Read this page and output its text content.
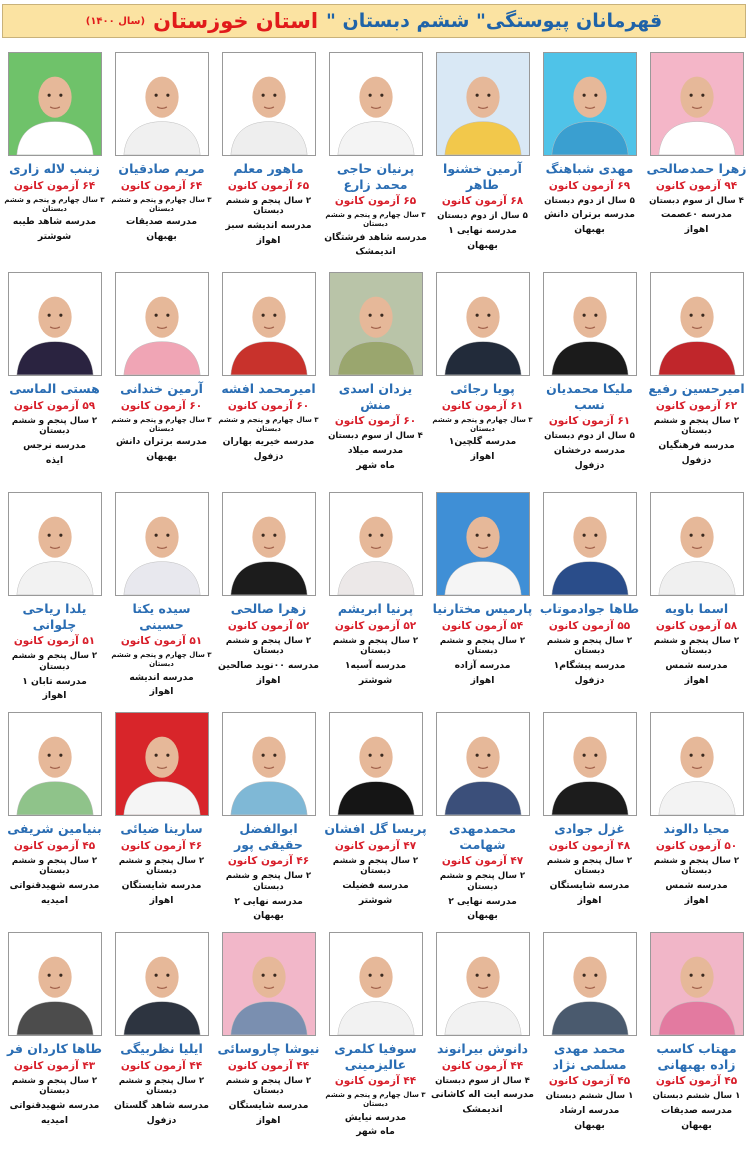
قهرمانان پیوستگی" ششم دبستان "
استان خوزستان
(سال ۱۴۰۰)
زهرا حمدصالحی
۹۴ آزمون کانون
۴ سال از سوم دبستان
مدرسه ٠عصمت
اهواز
مهدی شباهنگ
۶۹ آزمون کانون
۵ سال از دوم دبستان
مدرسه برتران دانش
بهبهان
آرمین خشنوا طاهر
۶۸ آزمون کانون
۵ سال از دوم دبستان
مدرسه نهایی ۱
بهبهان
پرنیان حاجی محمد زارع
۶۵ آزمون کانون
۳ سال چهارم و پنجم و ششم دبستان
مدرسه شاهد فرشتگان
اندیمشک
ماهور معلم
۶۵ آزمون کانون
۲ سال پنجم و ششم دبستان
مدرسه اندیشه سبز
اهواز
مریم صادقیان
۶۴ آزمون کانون
۳ سال چهارم و پنجم و ششم دبستان
مدرسه صدیقات
بهبهان
زینب لاله زاری
۶۴ آزمون کانون
۳ سال چهارم و پنجم و ششم دبستان
مدرسه شاهد طیبه
شوشتر
امیرحسین رفیع
۶۲ آزمون کانون
۲ سال پنجم و ششم دبستان
مدرسه فرهنگیان
دزفول
ملیکا محمدیان نسب
۶۱ آزمون کانون
۵ سال از دوم دبستان
مدرسه درخشان
دزفول
پویا رجائی
۶۱ آزمون کانون
۳ سال چهارم و پنجم و ششم دبستان
مدرسه گلچین۱
اهواز
یزدان اسدی منش
۶۰ آزمون کانون
۴ سال از سوم دبستان
مدرسه میلاد
ماه شهر
امیرمحمد افشه
۶۰ آزمون کانون
۳ سال چهارم و پنجم و ششم دبستان
مدرسه خیریه بهاران
دزفول
آرمین خندانی
۶۰ آزمون کانون
۳ سال چهارم و پنجم و ششم دبستان
مدرسه برتران دانش
بهبهان
هستی الماسی
۵۹ آزمون کانون
۲ سال پنجم و ششم دبستان
مدرسه نرجس
ایذه
اسما باویه
۵۸ آزمون کانون
۲ سال پنجم و ششم دبستان
مدرسه شمس
اهواز
طاها جوادموتاب
۵۵ آزمون کانون
۲ سال پنجم و ششم دبستان
مدرسه پیشگام۱
دزفول
پارمیس مختارنیا
۵۴ آزمون کانون
۲ سال پنجم و ششم دبستان
مدرسه آزاده
اهواز
پرنیا ابریشم
۵۲ آزمون کانون
۲ سال پنجم و ششم دبستان
مدرسه آسیه۱
شوشتر
زهرا صالحی
۵۲ آزمون کانون
۲ سال پنجم و ششم دبستان
مدرسه ٠٠نوید صالحین
اهواز
سیده یکتا حسینی
۵۱ آزمون کانون
۳ سال چهارم و پنجم و ششم دبستان
مدرسه اندیشه
اهواز
یلدا ریاحی چلوانی
۵۱ آزمون کانون
۲ سال پنجم و ششم دبستان
مدرسه تابان ۱
اهواز
محیا دالوند
۵۰ آزمون کانون
۲ سال پنجم و ششم دبستان
مدرسه شمس
اهواز
غزل جوادی
۴۸ آزمون کانون
۲ سال پنجم و ششم دبستان
مدرسه شایستگان
اهواز
محمدمهدی شهامت
۴۷ آزمون کانون
۲ سال پنجم و ششم دبستان
مدرسه نهایی ۲
بهبهان
پریسا گل افشان
۴۷ آزمون کانون
۲ سال پنجم و ششم دبستان
مدرسه فضیلت
شوشتر
ابوالفضل حقیقی پور
۴۶ آزمون کانون
۲ سال پنجم و ششم دبستان
مدرسه نهایی ۲
بهبهان
سارینا ضیائی
۴۶ آزمون کانون
۲ سال پنجم و ششم دبستان
مدرسه شایستگان
اهواز
بنیامین شریفی
۴۵ آزمون کانون
۲ سال پنجم و ششم دبستان
مدرسه شهیدقنواتی
امیدیه
مهتاب کاسب زاده بهبهانی
۴۵ آزمون کانون
۱ سال ششم دبستان
مدرسه صدیقات
بهبهان
محمد مهدی مسلمی نژاد
۴۵ آزمون کانون
۱ سال ششم دبستان
مدرسه ارشاد
بهبهان
دانوش بیرانوند
۴۴ آزمون کانون
۴ سال از سوم دبستان
مدرسه ایت اله کاشانی
اندیمشک
سوفیا کلمری عالیزمینی
۴۴ آزمون کانون
۳ سال چهارم و پنجم و ششم دبستان
مدرسه نیایش
ماه شهر
نیوشا چاروسائی
۴۴ آزمون کانون
۲ سال پنجم و ششم دبستان
مدرسه شایستگان
اهواز
ایلیا نظربیگی
۴۴ آزمون کانون
۲ سال پنجم و ششم دبستان
مدرسه شاهد گلستان
دزفول
طاها کاردان فر
۴۳ آزمون کانون
۲ سال پنجم و ششم دبستان
مدرسه شهیدقنواتی
امیدیه
